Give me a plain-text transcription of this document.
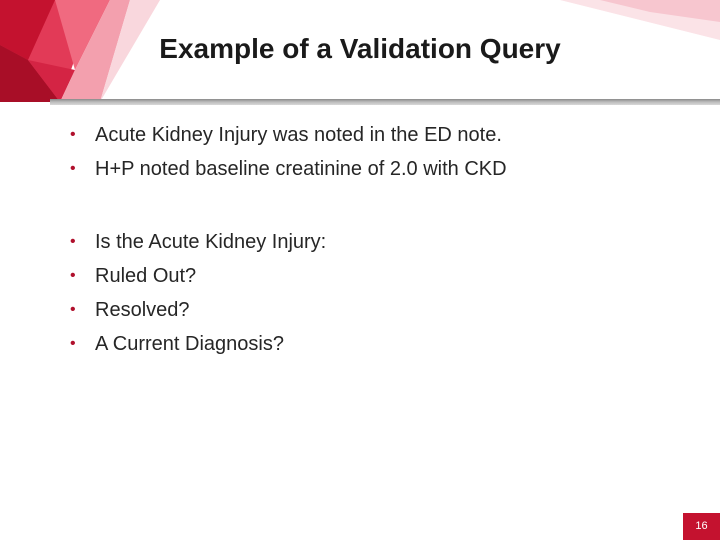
Example of a Validation Query
• Acute Kidney Injury was noted in the ED note.
• H+P noted baseline creatinine of 2.0 with CKD
• Is the Acute Kidney Injury:
• Ruled Out?
• Resolved?
• A Current Diagnosis?
16
